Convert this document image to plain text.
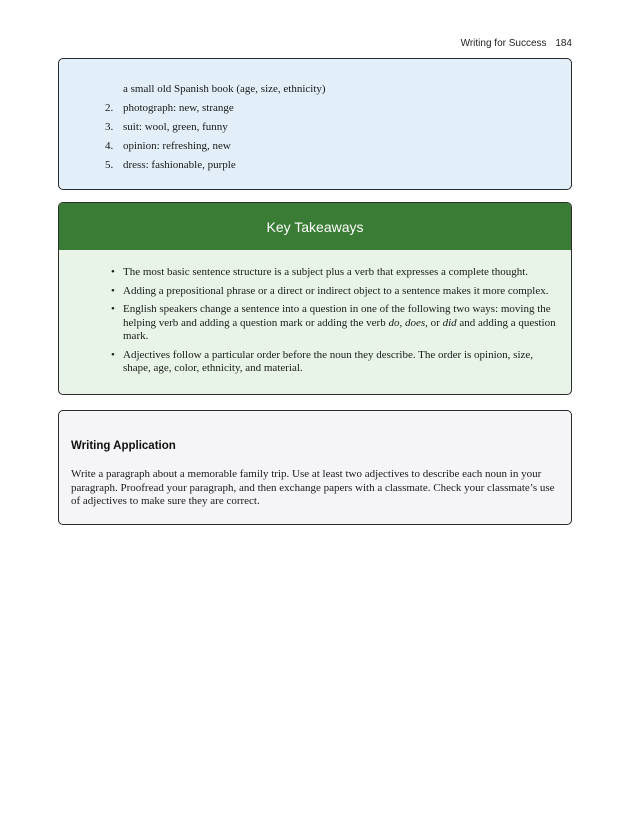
Writing for Success 184
a small old Spanish book (age, size, ethnicity)
2. photograph: new, strange
3. suit: wool, green, funny
4. opinion: refreshing, new
5. dress: fashionable, purple
Key Takeaways
• The most basic sentence structure is a subject plus a verb that expresses a complete thought.
• Adding a prepositional phrase or a direct or indirect object to a sentence makes it more complex.
• English speakers change a sentence into a question in one of the following two ways: moving the helping verb and adding a question mark or adding the verb do, does, or did and adding a question mark.
• Adjectives follow a particular order before the noun they describe. The order is opinion, size, shape, age, color, ethnicity, and material.
Writing Application

Write a paragraph about a memorable family trip. Use at least two adjectives to describe each noun in your paragraph. Proofread your paragraph, and then exchange papers with a classmate. Check your classmate’s use of adjectives to make sure they are correct.
